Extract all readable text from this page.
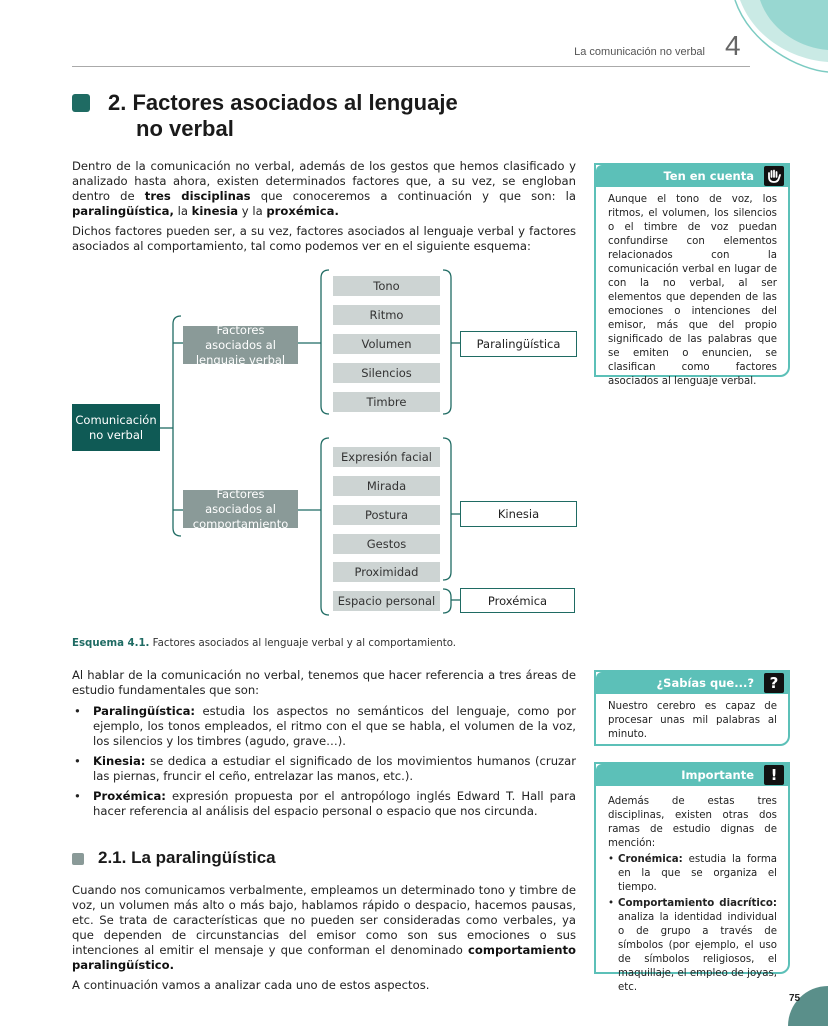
La comunicación no verbal 4
2. Factores asociados al lenguaje
no verbal

Dentro de la comunicación no verbal, además de los gestos que hemos clasificado y analizado hasta ahora, existen determinados factores que, a su vez, se engloban dentro de tres disciplinas que conoceremos a continuación y que son: la paralingüística, la kinesia y la proxémica.

Dichos factores pueden ser, a su vez, factores asociados al lenguaje verbal y factores asociados al comportamiento, tal como podemos ver en el siguiente esquema:

Comunicación no verbal
Factores asociados al lenguaje verbal
Factores asociados al comportamiento
Tono
Ritmo
Volumen
Silencios
Timbre
Expresión facial
Mirada
Postura
Gestos
Proximidad
Espacio personal
Paralingüística
Kinesia
Proxémica
Esquema 4.1. Factores asociados al lenguaje verbal y al comportamiento.

Al hablar de la comunicación no verbal, tenemos que hacer referencia a tres áreas de estudio fundamentales que son:

• Paralingüística: estudia los aspectos no semánticos del lenguaje, como por ejemplo, los tonos empleados, el ritmo con el que se habla, el volumen de la voz, los silencios y los timbres (agudo, grave…).
• Kinesia: se dedica a estudiar el significado de los movimientos humanos (cruzar las piernas, fruncir el ceño, entrelazar las manos, etc.).
• Proxémica: expresión propuesta por el antropólogo inglés Edward T. Hall para hacer referencia al análisis del espacio personal o espacio que nos circunda.
2.1. La paralingüística

Cuando nos comunicamos verbalmente, empleamos un determinado tono y timbre de voz, un volumen más alto o más bajo, hablamos rápido o despacio, hacemos pausas, etc. Se trata de características que no pueden ser consideradas como verbales, ya que dependen de circunstancias del emisor como son sus emociones o sus intenciones al emitir el mensaje y que conforman el denominado comportamiento paralingüístico.

A continuación vamos a analizar cada uno de estos aspectos.

Ten en cuenta
Aunque el tono de voz, los ritmos, el volumen, los silencios o el timbre de voz puedan confundirse con elementos relacionados con la comunicación verbal en lugar de con la no verbal, al ser elementos que dependen de las emociones o intenciones del emisor, más que del propio significado de las palabras que se emiten o enuncien, se clasifican como factores asociados al lenguaje verbal.
¿Sabías que...?	?
Nuestro cerebro es capaz de procesar unas mil palabras al minuto.
Importante	!
Además de estas tres disciplinas, existen otras dos ramas de estudio dignas de mención:
• Cronémica: estudia la forma en la que se organiza el tiempo.
• Comportamiento diacrítico: analiza la identidad individual o de grupo a través de símbolos (por ejemplo, el uso de símbolos religiosos, el maquillaje, el empleo de joyas, etc.
75
